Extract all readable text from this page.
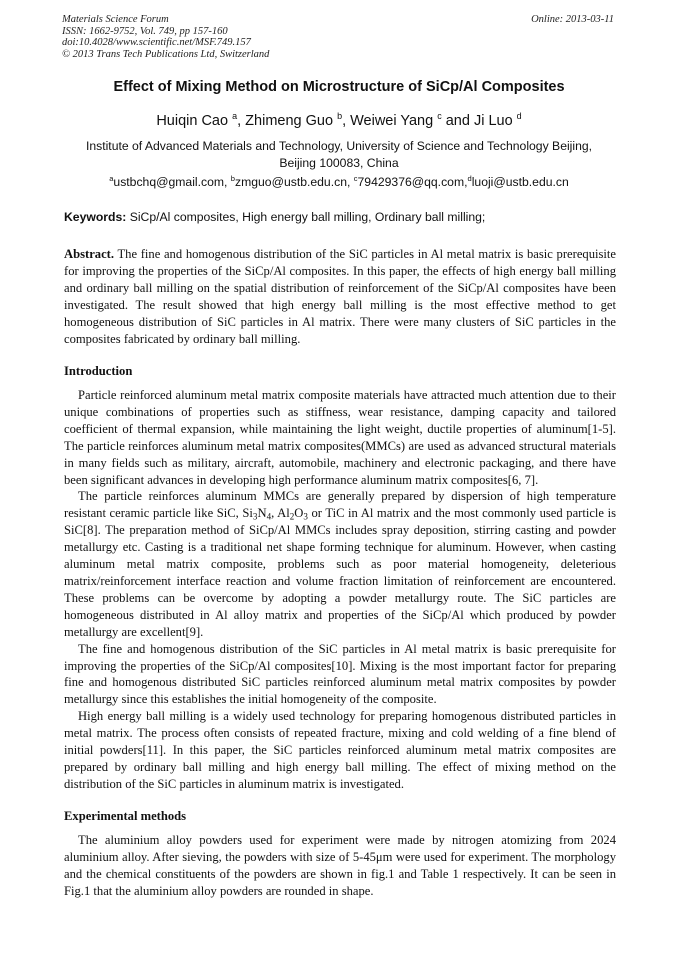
Materials Science Forum
ISSN: 1662-9752, Vol. 749, pp 157-160
doi:10.4028/www.scientific.net/MSF.749.157
© 2013 Trans Tech Publications Ltd, Switzerland
Online: 2013-03-11
Effect of Mixing Method on Microstructure of SiCp/Al Composites
Huiqin Cao $^a$, Zhimeng Guo $^b$, Weiwei Yang $^c$ and Ji Luo $^d$
Institute of Advanced Materials and Technology, University of Science and Technology Beijing, Beijing 100083, China
$^a$ustbchq@gmail.com, $^b$zmguo@ustb.edu.cn, $^c$79429376@qq.com,$^d$luoji@ustb.edu.cn
Keywords: SiCp/Al composites, High energy ball milling, Ordinary ball milling;

Abstract. The fine and homogenous distribution of the SiC particles in Al metal matrix is basic prerequisite for improving the properties of the SiCp/Al composites. In this paper, the effects of high energy ball milling and ordinary ball milling on the spatial distribution of reinforcement of the SiCp/Al composites have been investigated. The result showed that high energy ball milling is the most effective method to get homogeneous distribution of SiC particles in Al matrix. There were many clusters of SiC particles in the composites fabricated by ordinary ball milling.

Introduction

Particle reinforced aluminum metal matrix composite materials have attracted much attention due to their unique combinations of properties such as stiffness, wear resistance, damping capacity and tailored coefficient of thermal expansion, while maintaining the light weight, ductile properties of aluminum[1-5]. The particle reinforces aluminum metal matrix composites(MMCs) are used as advanced structural materials in many fields such as military, aircraft, automobile, machinery and electronic packaging, and there have been significant advances in developing high performance aluminum matrix composites[6, 7].

The particle reinforces aluminum MMCs are generally prepared by dispersion of high temperature resistant ceramic particle like SiC, $Si_3N_4$, $Al_2O_3$ or TiC in Al matrix and the most commonly used particle is SiC[8]. The preparation method of SiCp/Al MMCs includes spray deposition, stirring casting and powder metallurgy etc. Casting is a traditional net shape forming technique for aluminum. However, when casting aluminum metal matrix composite, problems such as poor material homogeneity, deleterious matrix/reinforcement interface reaction and volume fraction limitation of reinforcement are encountered. These problems can be overcome by adopting a powder metallurgy route. The SiC particles are homogeneous distributed in Al alloy matrix and properties of the SiCp/Al which produced by powder metallurgy are excellent[9].

The fine and homogenous distribution of the SiC particles in Al metal matrix is basic prerequisite for improving the properties of the SiCp/Al composites[10]. Mixing is the most important factor for preparing fine and homogenous distributed SiC particles reinforced aluminum metal matrix composites by powder metallurgy since this establishes the initial homogeneity of the composite.

High energy ball milling is a widely used technology for preparing homogenous distributed particles in metal matrix. The process often consists of repeated fracture, mixing and cold welding of a fine blend of initial powders[11]. In this paper, the SiC particles reinforced aluminum metal matrix composites are prepared by ordinary ball milling and high energy ball milling. The effect of mixing method on the distribution of the SiC particles in aluminum matrix is investigated.

Experimental methods

The aluminium alloy powders used for experiment were made by nitrogen atomizing from 2024 aluminium alloy. After sieving, the powders with size of 5-45μm were used for experiment. The morphology and the chemical constituents of the powders are shown in fig.1 and Table 1 respectively. It can be seen in Fig.1 that the aluminium alloy powders are rounded in shape.
